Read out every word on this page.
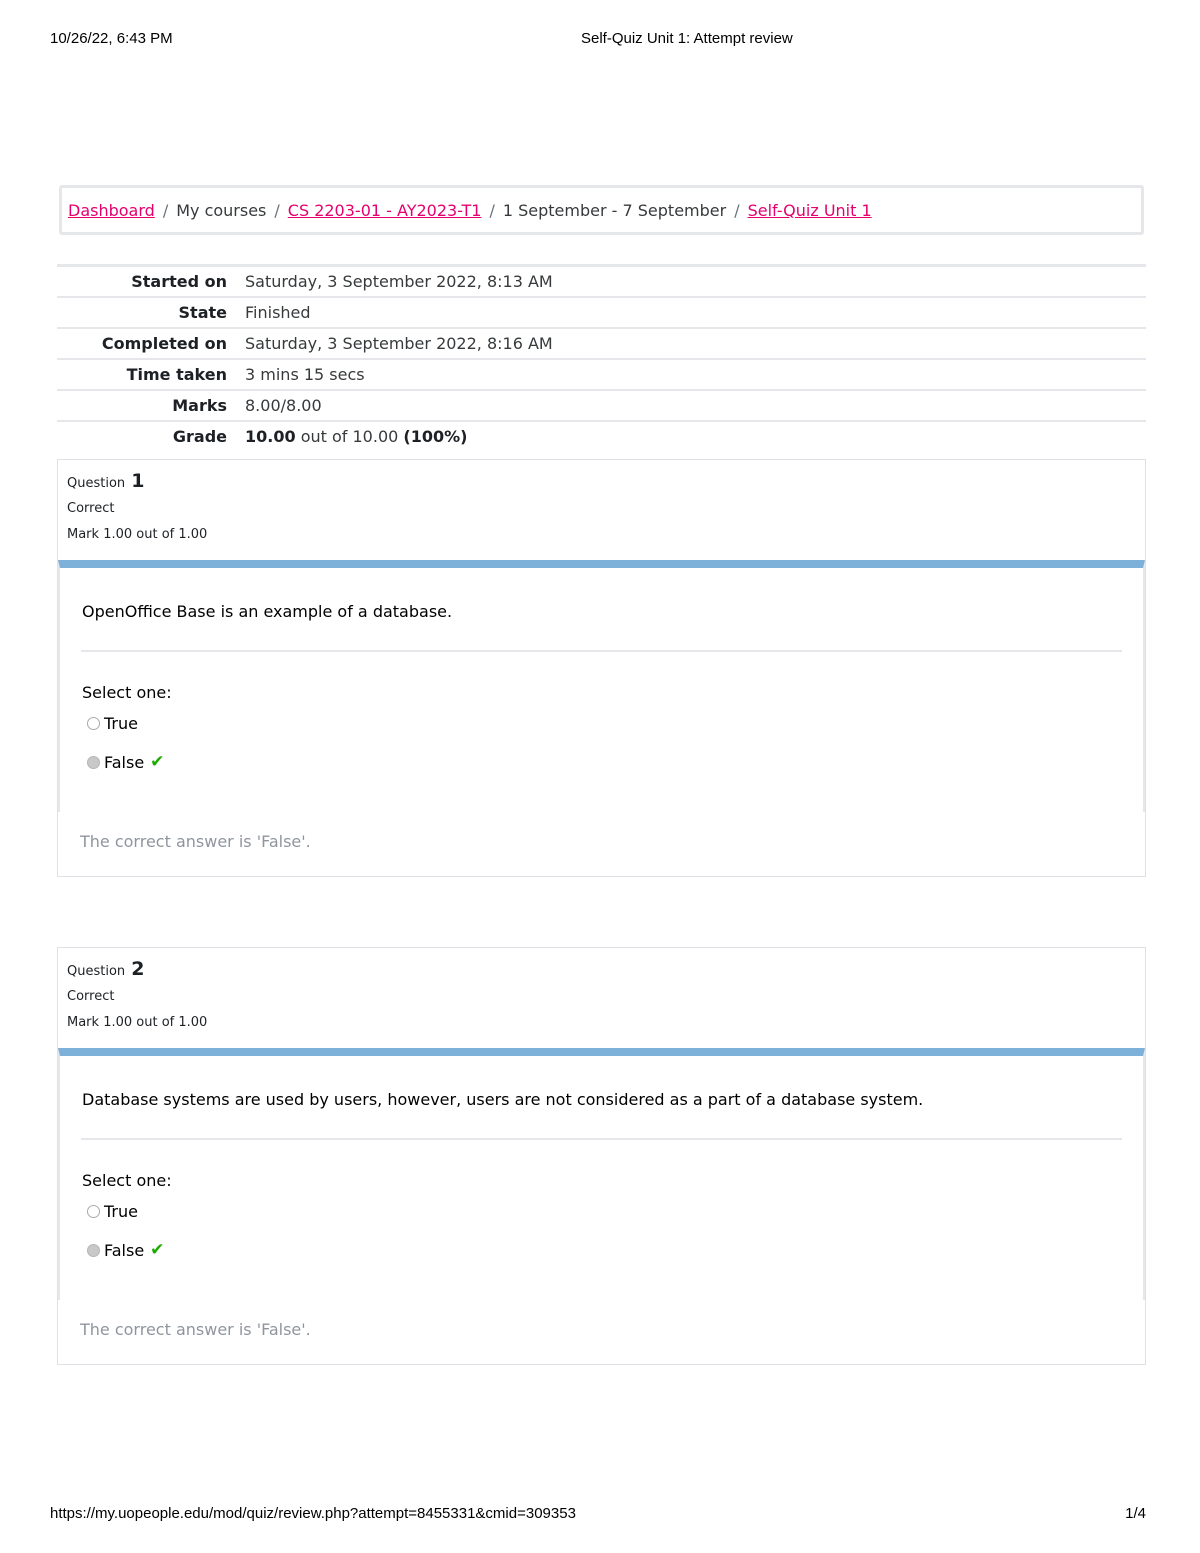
10/26/22, 6:43 PM	Self-Quiz Unit 1: Attempt review
Dashboard / My courses / CS 2203-01 - AY2023-T1 / 1 September - 7 September / Self-Quiz Unit 1
Started on	Saturday, 3 September 2022, 8:13 AM
State	Finished
Completed on	Saturday, 3 September 2022, 8:16 AM
Time taken	3 mins 15 secs
Marks	8.00/8.00
Grade	10.00 out of 10.00 (100%)
Question 1
Correct
Mark 1.00 out of 1.00
OpenOffice Base is an example of a database.
Select one:
True
False ✔
The correct answer is 'False'.
Question 2
Correct
Mark 1.00 out of 1.00
Database systems are used by users, however, users are not considered as a part of a database system.
Select one:
True
False ✔
The correct answer is 'False'.
https://my.uopeople.edu/mod/quiz/review.php?attempt=8455331&cmid=309353	1/4
